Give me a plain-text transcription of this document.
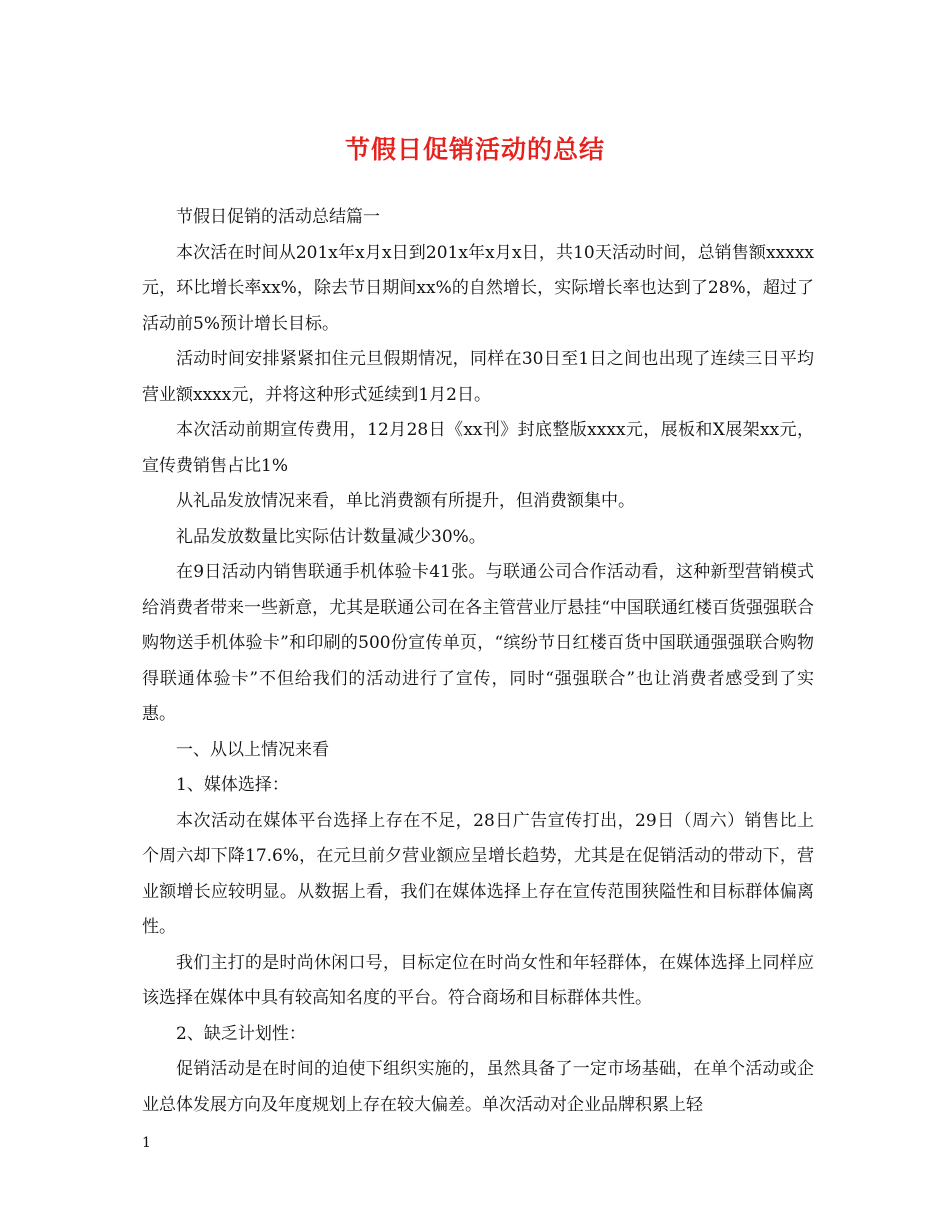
节假日促销活动的总结

节假日促销的活动总结篇一

本次活在时间从201x年x月x日到201x年x月x日，共10天活动时间，总销售额xxxxx元，环比增长率xx%，除去节日期间xx%的自然增长，实际增长率也达到了28%，超过了活动前5%预计增长目标。

活动时间安排紧紧扣住元旦假期情况，同样在30日至1日之间也出现了连续三日平均营业额xxxx元，并将这种形式延续到1月2日。

本次活动前期宣传费用，12月28日《xx刊》封底整版xxxx元，展板和X展架xx元，宣传费销售占比1%

从礼品发放情况来看，单比消费额有所提升，但消费额集中。

礼品发放数量比实际估计数量减少30%。

在9日活动内销售联通手机体验卡41张。与联通公司合作活动看，这种新型营销模式给消费者带来一些新意，尤其是联通公司在各主管营业厅悬挂“中国联通红楼百货强强联合购物送手机体验卡”和印刷的500份宣传单页，“缤纷节日红楼百货中国联通强强联合购物得联通体验卡”不但给我们的活动进行了宣传，同时“强强联合”也让消费者感受到了实惠。

一、从以上情况来看

1、媒体选择：

本次活动在媒体平台选择上存在不足，28日广告宣传打出，29日（周六）销售比上个周六却下降17.6%，在元旦前夕营业额应呈增长趋势，尤其是在促销活动的带动下，营业额增长应较明显。从数据上看，我们在媒体选择上存在宣传范围狭隘性和目标群体偏离性。

我们主打的是时尚休闲口号，目标定位在时尚女性和年轻群体，在媒体选择上同样应该选择在媒体中具有较高知名度的平台。符合商场和目标群体共性。

2、缺乏计划性：

促销活动是在时间的迫使下组织实施的，虽然具备了一定市场基础，在单个活动或企业总体发展方向及年度规划上存在较大偏差。单次活动对企业品牌积累上轻

1
